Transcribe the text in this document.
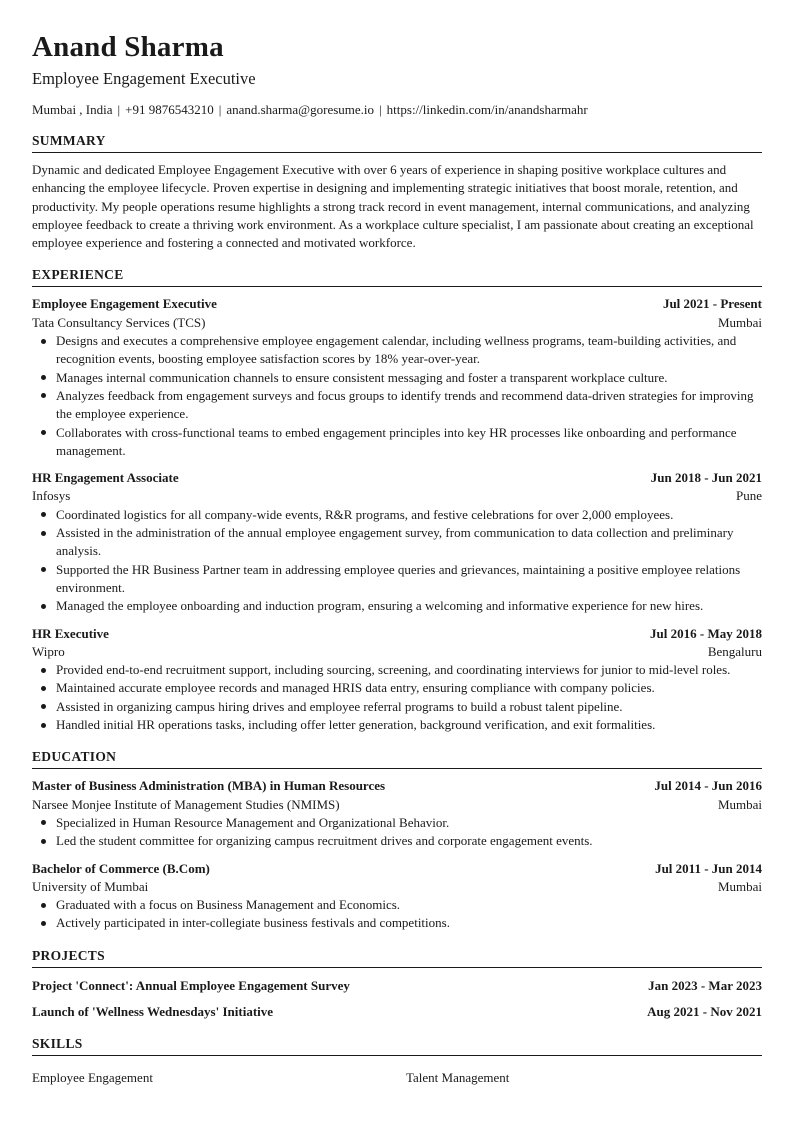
Anand Sharma
Employee Engagement Executive
Mumbai , India | +91 9876543210 | anand.sharma@goresume.io | https://linkedin.com/in/anandsharmahr
SUMMARY
Dynamic and dedicated Employee Engagement Executive with over 6 years of experience in shaping positive workplace cultures and enhancing the employee lifecycle. Proven expertise in designing and implementing strategic initiatives that boost morale, retention, and productivity. My people operations resume highlights a strong track record in event management, internal communications, and analyzing employee feedback to create a thriving work environment. As a workplace culture specialist, I am passionate about creating an exceptional employee experience and fostering a connected and motivated workforce.
EXPERIENCE
Employee Engagement Executive	Jul 2021 - Present
Tata Consultancy Services (TCS)	Mumbai
Designs and executes a comprehensive employee engagement calendar, including wellness programs, team-building activities, and recognition events, boosting employee satisfaction scores by 18% year-over-year.
Manages internal communication channels to ensure consistent messaging and foster a transparent workplace culture.
Analyzes feedback from engagement surveys and focus groups to identify trends and recommend data-driven strategies for improving the employee experience.
Collaborates with cross-functional teams to embed engagement principles into key HR processes like onboarding and performance management.
HR Engagement Associate	Jun 2018 - Jun 2021
Infosys	Pune
Coordinated logistics for all company-wide events, R&R programs, and festive celebrations for over 2,000 employees.
Assisted in the administration of the annual employee engagement survey, from communication to data collection and preliminary analysis.
Supported the HR Business Partner team in addressing employee queries and grievances, maintaining a positive employee relations environment.
Managed the employee onboarding and induction program, ensuring a welcoming and informative experience for new hires.
HR Executive	Jul 2016 - May 2018
Wipro	Bengaluru
Provided end-to-end recruitment support, including sourcing, screening, and coordinating interviews for junior to mid-level roles.
Maintained accurate employee records and managed HRIS data entry, ensuring compliance with company policies.
Assisted in organizing campus hiring drives and employee referral programs to build a robust talent pipeline.
Handled initial HR operations tasks, including offer letter generation, background verification, and exit formalities.
EDUCATION
Master of Business Administration (MBA) in Human Resources	Jul 2014 - Jun 2016
Narsee Monjee Institute of Management Studies (NMIMS)	Mumbai
Specialized in Human Resource Management and Organizational Behavior.
Led the student committee for organizing campus recruitment drives and corporate engagement events.
Bachelor of Commerce (B.Com)	Jul 2011 - Jun 2014
University of Mumbai	Mumbai
Graduated with a focus on Business Management and Economics.
Actively participated in inter-collegiate business festivals and competitions.
PROJECTS
Project 'Connect': Annual Employee Engagement Survey	Jan 2023 - Mar 2023
Launch of 'Wellness Wednesdays' Initiative	Aug 2021 - Nov 2021
SKILLS
Employee Engagement	Talent Management
